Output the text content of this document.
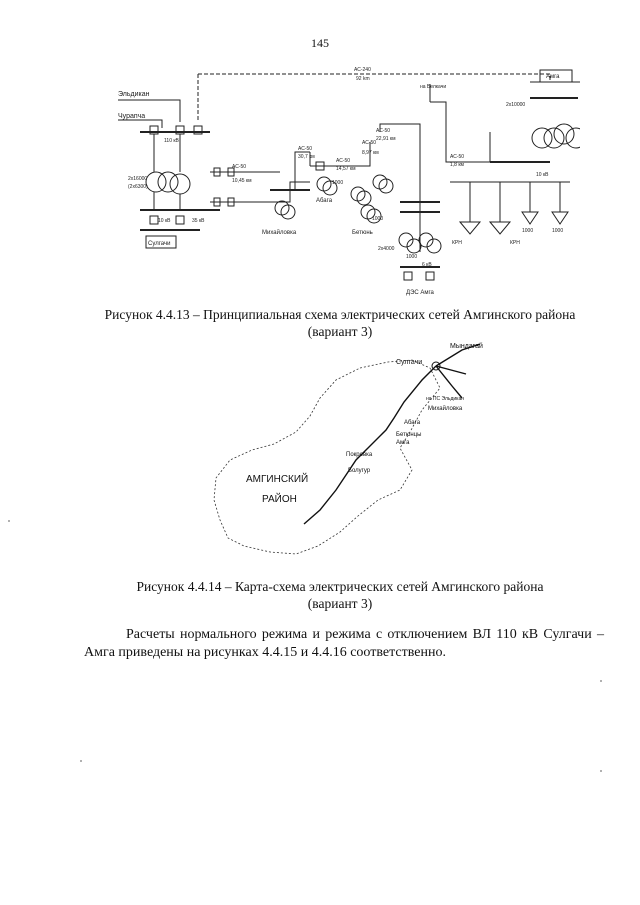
145
АС-240
92 km
на Белкачи
Эльдикан
Чурапча
110 кВ
2х16000
(2х6300)
35 кВ
10 кВ
Сулгачи
АС-50
10,45 км
Михайловка
АС-50
30,7 км
АС-50
14,57 км
Абага
1000
АС-50
8,97 км
АС-50
22,91 км
Бетюнь
1000
АС-50
1,8 км
2х4000
6 кВ
ДЭС Амга
Амга
2х10000
10 кВ
КРН	КРН
1000	1000
1000
Рисунок 4.4.13 – Принципиальная схема электрических сетей Амгинского района
(вариант 3)
Мындагай
Сулгачи
на ПС Эльдикан
Михайловка
Абага
Бетюнцы
Покровка
Амга
Болугур
АМГИНСКИЙ
РАЙОН
Рисунок 4.4.14 – Карта-схема электрических сетей Амгинского района
(вариант 3)

Расчеты нормального режима и режима с отключением ВЛ 110 кВ Сулгачи – Амга приведены на рисунках 4.4.15 и 4.4.16 соответственно.
